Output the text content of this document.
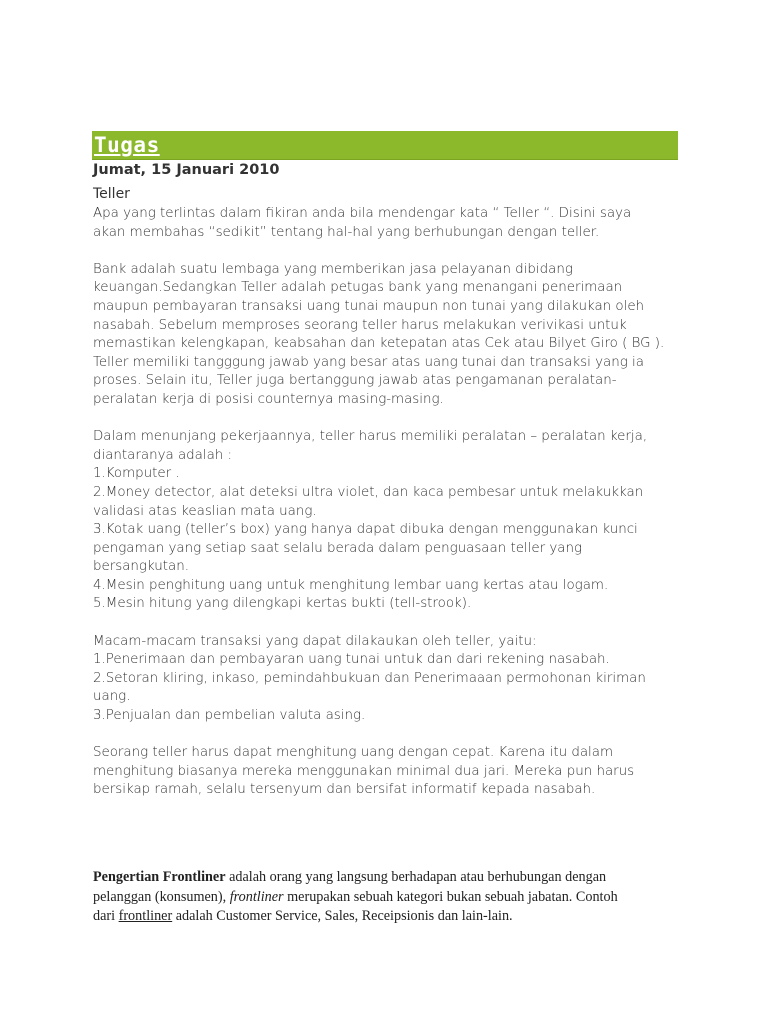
Tugas
Jumat, 15 Januari 2010
Teller
Apa yang terlintas dalam fikiran anda bila mendengar kata “ Teller “. Disini saya
akan membahas “sedikit” tentang hal-hal yang berhubungan dengan teller.
Bank adalah suatu lembaga yang memberikan jasa pelayanan dibidang
keuangan.Sedangkan Teller adalah petugas bank yang menangani penerimaan
maupun pembayaran transaksi uang tunai maupun non tunai yang dilakukan oleh
nasabah. Sebelum memproses seorang teller harus melakukan verivikasi untuk
memastikan kelengkapan, keabsahan dan ketepatan atas Cek atau Bilyet Giro ( BG ).
Teller memiliki tangggung jawab yang besar atas uang tunai dan transaksi yang ia
proses. Selain itu, Teller juga bertanggung jawab atas pengamanan peralatan-
peralatan kerja di posisi counternya masing-masing.
Dalam menunjang pekerjaannya, teller harus memiliki peralatan – peralatan kerja,
diantaranya adalah :
1.Komputer .
2.Money detector, alat deteksi ultra violet, dan kaca pembesar untuk melakukkan
validasi atas keaslian mata uang.
3.Kotak uang (teller’s box) yang hanya dapat dibuka dengan menggunakan kunci
pengaman yang setiap saat selalu berada dalam penguasaan teller yang
bersangkutan.
4.Mesin penghitung uang untuk menghitung lembar uang kertas atau logam.
5.Mesin hitung yang dilengkapi kertas bukti (tell-strook).
Macam-macam transaksi yang dapat dilakaukan oleh teller, yaitu:
1.Penerimaan dan pembayaran uang tunai untuk dan dari rekening nasabah.
2.Setoran kliring, inkaso, pemindahbukuan dan Penerimaaan permohonan kiriman
uang.
3.Penjualan dan pembelian valuta asing.
Seorang teller harus dapat menghitung uang dengan cepat. Karena itu dalam
menghitung biasanya mereka menggunakan minimal dua jari. Mereka pun harus
bersikap ramah, selalu tersenyum dan bersifat informatif kepada nasabah.
Pengertian Frontliner adalah orang yang langsung berhadapan atau berhubungan dengan
pelanggan (konsumen), frontliner merupakan sebuah kategori bukan sebuah jabatan. Contoh
dari frontliner adalah Customer Service, Sales, Receipsionis dan lain-lain.
